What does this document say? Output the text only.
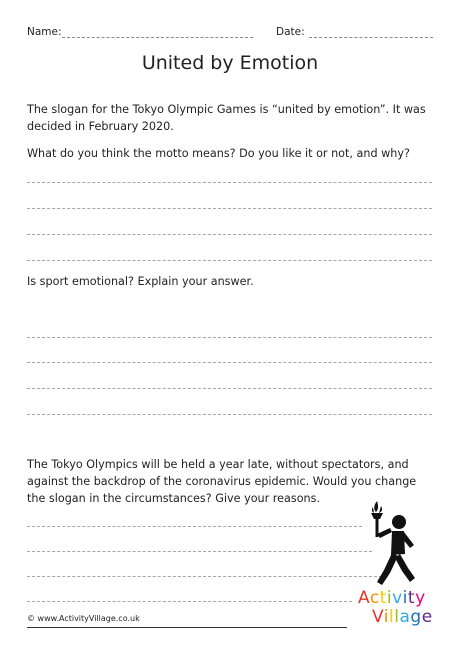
Name:	Date:
United by Emotion

The slogan for the Tokyo Olympic Games is “united by emotion”. It was decided in February 2020.

What do you think the motto means? Do you like it or not, and why?

Is sport emotional? Explain your answer.

The Tokyo Olympics will be held a year late, without spectators, and against the backdrop of the coronavirus epidemic. Would you change the slogan in the circumstances? Give your reasons.

Activity
Village
© www.ActivityVillage.co.uk
